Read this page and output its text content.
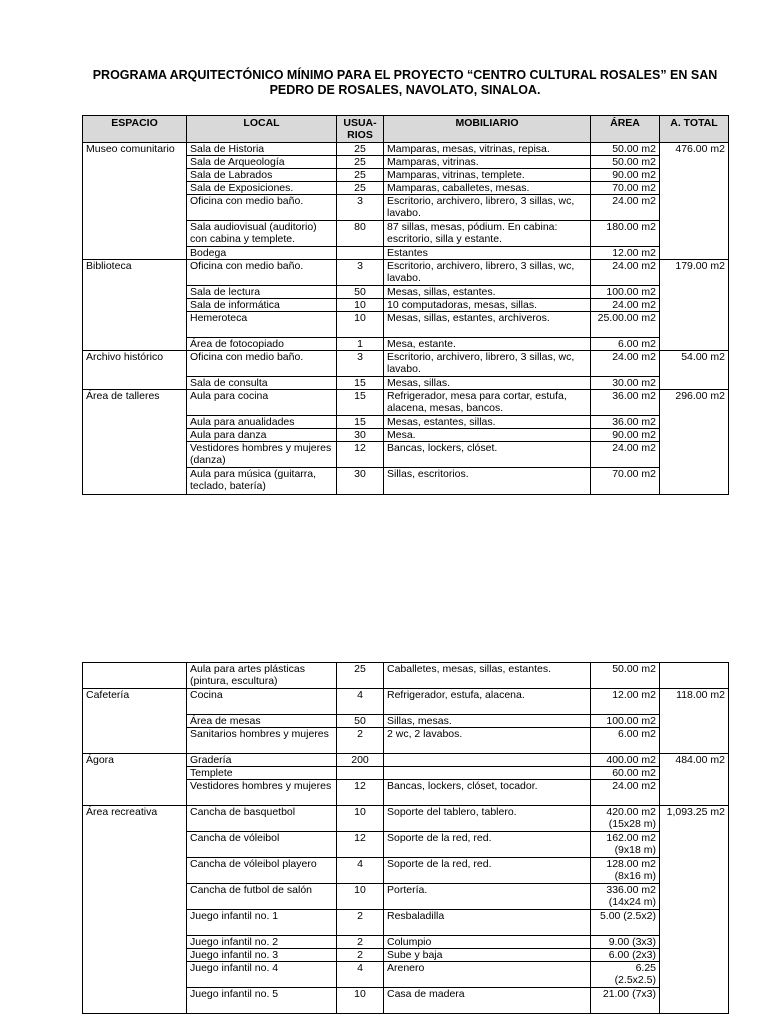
PROGRAMA ARQUITECTÓNICO MÍNIMO PARA EL PROYECTO “CENTRO CULTURAL ROSALES” EN SAN PEDRO DE ROSALES, NAVOLATO, SINALOA.
ESPACIO	LOCAL	USUA-RIOS	MOBILIARIO	ÁREA	A. TOTAL
Museo comunitario	Sala de Historia	25	Mamparas, mesas, vitrinas, repisa.	50.00 m2	476.00 m2
	Sala de Arqueología	25	Mamparas, vitrinas.	50.00 m2	
	Sala de Labrados	25	Mamparas, vitrinas, templete.	90.00 m2	
	Sala de Exposiciones.	25	Mamparas, caballetes, mesas.	70.00 m2	
	Oficina con medio baño.	3	Escritorio, archivero, librero, 3 sillas, wc, lavabo.	24.00 m2	
	Sala audiovisual (auditorio) con cabina y templete.	80	87 sillas, mesas, pódium. En cabina: escritorio, silla y estante.	180.00 m2	
	Bodega		Estantes	12.00 m2	
Biblioteca	Oficina con medio baño.	3	Escritorio, archivero, librero, 3 sillas, wc, lavabo.	24.00 m2	179.00 m2
	Sala de lectura	50	Mesas, sillas, estantes.	100.00 m2	
	Sala de informática	10	10 computadoras, mesas, sillas.	24.00 m2	
	Hemeroteca	10	Mesas, sillas, estantes, archiveros.	25.00.00 m2	
	Área de fotocopiado	1	Mesa, estante.	6.00 m2	
Archivo histórico	Oficina con medio baño.	3	Escritorio, archivero, librero, 3 sillas, wc, lavabo.	24.00 m2	54.00 m2
	Sala de consulta	15	Mesas, sillas.	30.00 m2	
Área de talleres	Aula para cocina	15	Refrigerador, mesa para cortar, estufa, alacena, mesas, bancos.	36.00 m2	296.00 m2
	Aula para anualidades	15	Mesas, estantes, sillas.	36.00 m2	
	Aula para danza	30	Mesa.	90.00 m2	
	Vestidores hombres y mujeres (danza)	12	Bancas, lockers, clóset.	24.00 m2	
	Aula para música (guitarra, teclado, batería)	30	Sillas, escritorios.	70.00 m2	
	Aula para artes plásticas (pintura, escultura)	25	Caballetes, mesas, sillas, estantes.	50.00 m2	
Cafetería	Cocina	4	Refrigerador, estufa, alacena.	12.00 m2	118.00 m2
	Área de mesas	50	Sillas, mesas.	100.00 m2	
	Sanitarios hombres y mujeres	2	2 wc, 2 lavabos.	6.00 m2	
Ágora	Gradería	200		400.00 m2	484.00 m2
	Templete			60.00 m2	
	Vestidores hombres y mujeres	12	Bancas, lockers, clóset, tocador.	24.00 m2	
Área recreativa	Cancha de basquetbol	10	Soporte del tablero, tablero.	420.00 m2 (15x28 m)	1,093.25 m2
	Cancha de vóleibol	12	Soporte de la red, red.	162.00 m2 (9x18 m)	
	Cancha de vóleibol playero	4	Soporte de la red, red.	128.00 m2 (8x16 m)	
	Cancha de futbol de salón	10	Portería.	336.00 m2 (14x24 m)	
	Juego infantil no. 1	2	Resbaladilla	5.00 (2.5x2)	
	Juego infantil no. 2	2	Columpio	9.00 (3x3)	
	Juego infantil no. 3	2	Sube y baja	6.00 (2x3)	
	Juego infantil no. 4	4	Arenero	6.25 (2.5x2.5)	
	Juego infantil no. 5	10	Casa de madera	21.00 (7x3)	
